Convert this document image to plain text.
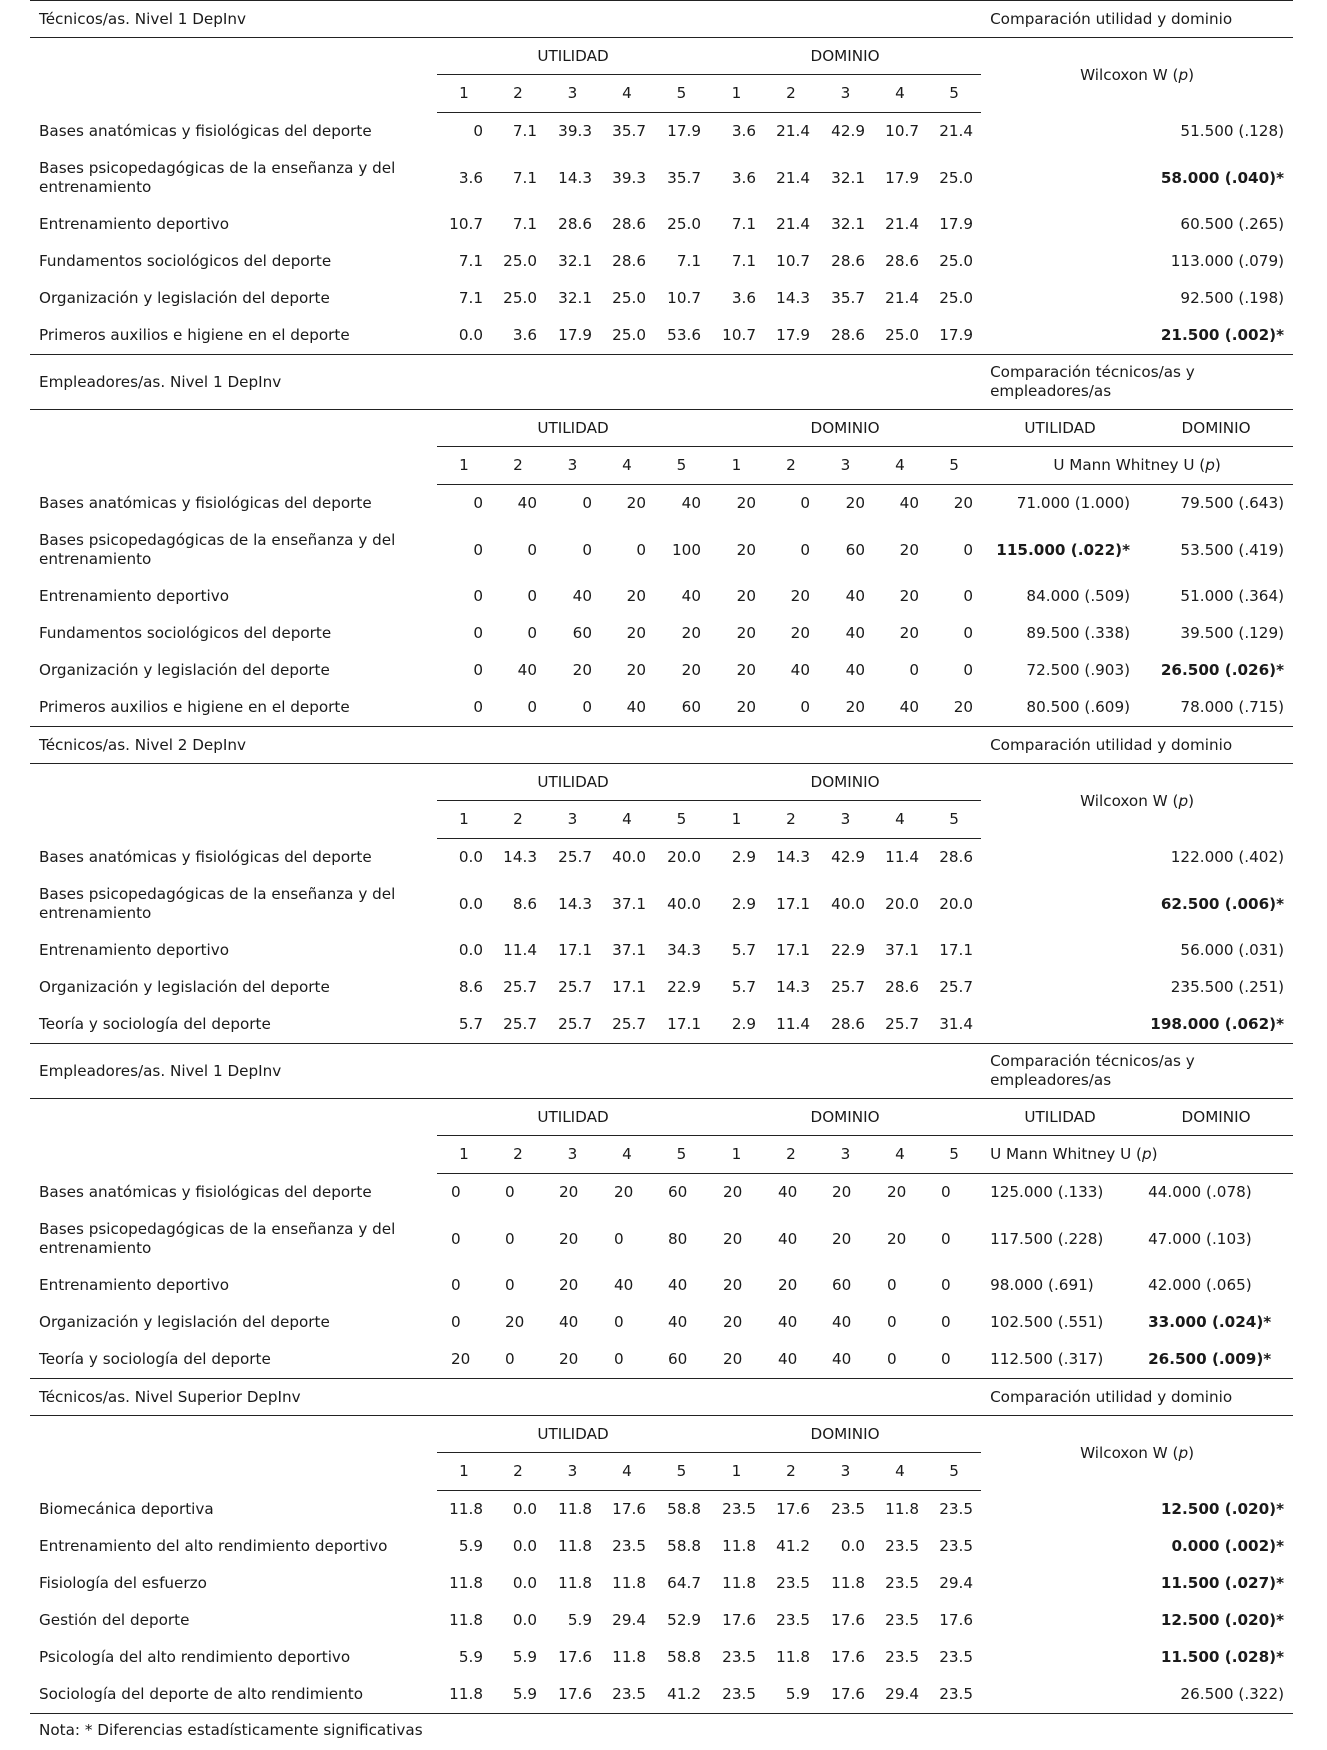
Técnicos/as. Nivel 1 DepInv											Comparación utilidad y dominio	
	UTILIDAD					DOMINIO					Wilcoxon W (p)	
	1	2	3	4	5	1	2	3	4	5		
Bases anatómicas y fisiológicas del deporte	0	7.1	39.3	35.7	17.9	3.6	21.4	42.9	10.7	21.4	51.500 (.128)	
Bases psicopedagógicas de la enseñanza y del entrenamiento	3.6	7.1	14.3	39.3	35.7	3.6	21.4	32.1	17.9	25.0	58.000 (.040)*	
Entrenamiento deportivo	10.7	7.1	28.6	28.6	25.0	7.1	21.4	32.1	21.4	17.9	60.500 (.265)	
Fundamentos sociológicos del deporte	7.1	25.0	32.1	28.6	7.1	7.1	10.7	28.6	28.6	25.0	113.000 (.079)	
Organización y legislación del deporte	7.1	25.0	32.1	25.0	10.7	3.6	14.3	35.7	21.4	25.0	92.500 (.198)	
Primeros auxilios e higiene en el deporte	0.0	3.6	17.9	25.0	53.6	10.7	17.9	28.6	25.0	17.9	21.500 (.002)*	
Empleadores/as. Nivel 1 DepInv											Comparación técnicos/as y empleadores/as	
	UTILIDAD					DOMINIO					UTILIDAD	DOMINIO
	1	2	3	4	5	1	2	3	4	5	U Mann Whitney U (p)	
Bases anatómicas y fisiológicas del deporte	0	40	0	20	40	20	0	20	40	20	71.000 (1.000)	79.500 (.643)
Bases psicopedagógicas de la enseñanza y del entrenamiento	0	0	0	0	100	20	0	60	20	0	115.000 (.022)*	53.500 (.419)
Entrenamiento deportivo	0	0	40	20	40	20	20	40	20	0	84.000 (.509)	51.000 (.364)
Fundamentos sociológicos del deporte	0	0	60	20	20	20	20	40	20	0	89.500 (.338)	39.500 (.129)
Organización y legislación del deporte	0	40	20	20	20	20	40	40	0	0	72.500 (.903)	26.500 (.026)*
Primeros auxilios e higiene en el deporte	0	0	0	40	60	20	0	20	40	20	80.500 (.609)	78.000 (.715)
Técnicos/as. Nivel 2 DepInv											Comparación utilidad y dominio	
	UTILIDAD					DOMINIO					Wilcoxon W (p)	
	1	2	3	4	5	1	2	3	4	5		
Bases anatómicas y fisiológicas del deporte	0.0	14.3	25.7	40.0	20.0	2.9	14.3	42.9	11.4	28.6	122.000 (.402)	
Bases psicopedagógicas de la enseñanza y del entrenamiento	0.0	8.6	14.3	37.1	40.0	2.9	17.1	40.0	20.0	20.0	62.500 (.006)*	
Entrenamiento deportivo	0.0	11.4	17.1	37.1	34.3	5.7	17.1	22.9	37.1	17.1	56.000 (.031)	
Organización y legislación del deporte	8.6	25.7	25.7	17.1	22.9	5.7	14.3	25.7	28.6	25.7	235.500 (.251)	
Teoría y sociología del deporte	5.7	25.7	25.7	25.7	17.1	2.9	11.4	28.6	25.7	31.4	198.000 (.062)*	
Empleadores/as. Nivel 1 DepInv											Comparación técnicos/as y empleadores/as	
	UTILIDAD					DOMINIO					UTILIDAD	DOMINIO
	1	2	3	4	5	1	2	3	4	5	U Mann Whitney U (p)	
Bases anatómicas y fisiológicas del deporte	0	0	20	20	60	20	40	20	20	0	125.000 (.133)	44.000 (.078)
Bases psicopedagógicas de la enseñanza y del entrenamiento	0	0	20	0	80	20	40	20	20	0	117.500 (.228)	47.000 (.103)
Entrenamiento deportivo	0	0	20	40	40	20	20	60	0	0	98.000 (.691)	42.000 (.065)
Organización y legislación del deporte	0	20	40	0	40	20	40	40	0	0	102.500 (.551)	33.000 (.024)*
Teoría y sociología del deporte	20	0	20	0	60	20	40	40	0	0	112.500 (.317)	26.500 (.009)*
Técnicos/as. Nivel Superior DepInv											Comparación utilidad y dominio	
	UTILIDAD					DOMINIO					Wilcoxon W (p)	
	1	2	3	4	5	1	2	3	4	5		
Biomecánica deportiva	11.8	0.0	11.8	17.6	58.8	23.5	17.6	23.5	11.8	23.5	12.500 (.020)*	
Entrenamiento del alto rendimiento deportivo	5.9	0.0	11.8	23.5	58.8	11.8	41.2	0.0	23.5	23.5	0.000 (.002)*	
Fisiología del esfuerzo	11.8	0.0	11.8	11.8	64.7	11.8	23.5	11.8	23.5	29.4	11.500 (.027)*	
Gestión del deporte	11.8	0.0	5.9	29.4	52.9	17.6	23.5	17.6	23.5	17.6	12.500 (.020)*	
Psicología del alto rendimiento deportivo	5.9	5.9	17.6	11.8	58.8	23.5	11.8	17.6	23.5	23.5	11.500 (.028)*	
Sociología del deporte de alto rendimiento	11.8	5.9	17.6	23.5	41.2	23.5	5.9	17.6	29.4	23.5	26.500 (.322)	
Nota: * Diferencias estadísticamente significativas
